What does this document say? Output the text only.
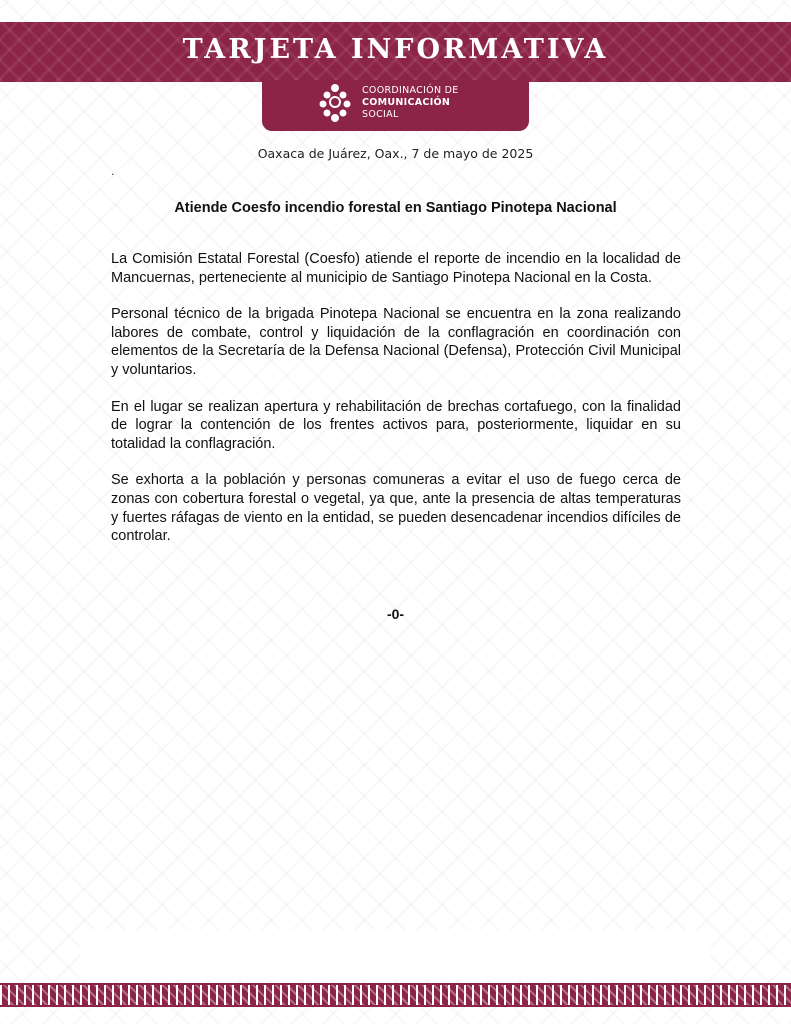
TARJETA INFORMATIVA
COORDINACIÓN DE
COMUNICACIÓN
SOCIAL
Oaxaca de Juárez, Oax., 7 de mayo de 2025
.
Atiende Coesfo incendio forestal en Santiago Pinotepa Nacional

La Comisión Estatal Forestal (Coesfo) atiende el reporte de incendio en la localidad de Mancuernas, perteneciente al municipio de Santiago Pinotepa Nacional en la Costa.

Personal técnico de la brigada Pinotepa Nacional se encuentra en la zona realizando labores de combate, control y liquidación de la conflagración en coordinación con elementos de la Secretaría de la Defensa Nacional (Defensa), Protección Civil Municipal y voluntarios.

En el lugar se realizan apertura y rehabilitación de brechas cortafuego, con la finalidad de lograr la contención de los frentes activos para, posteriormente, liquidar en su totalidad la conflagración.

Se exhorta a la población y personas comuneras a evitar el uso de fuego cerca de zonas con cobertura forestal o vegetal, ya que, ante la presencia de altas temperaturas y fuertes ráfagas de viento en la entidad, se pueden desencadenar incendios difíciles de controlar.

-0-
